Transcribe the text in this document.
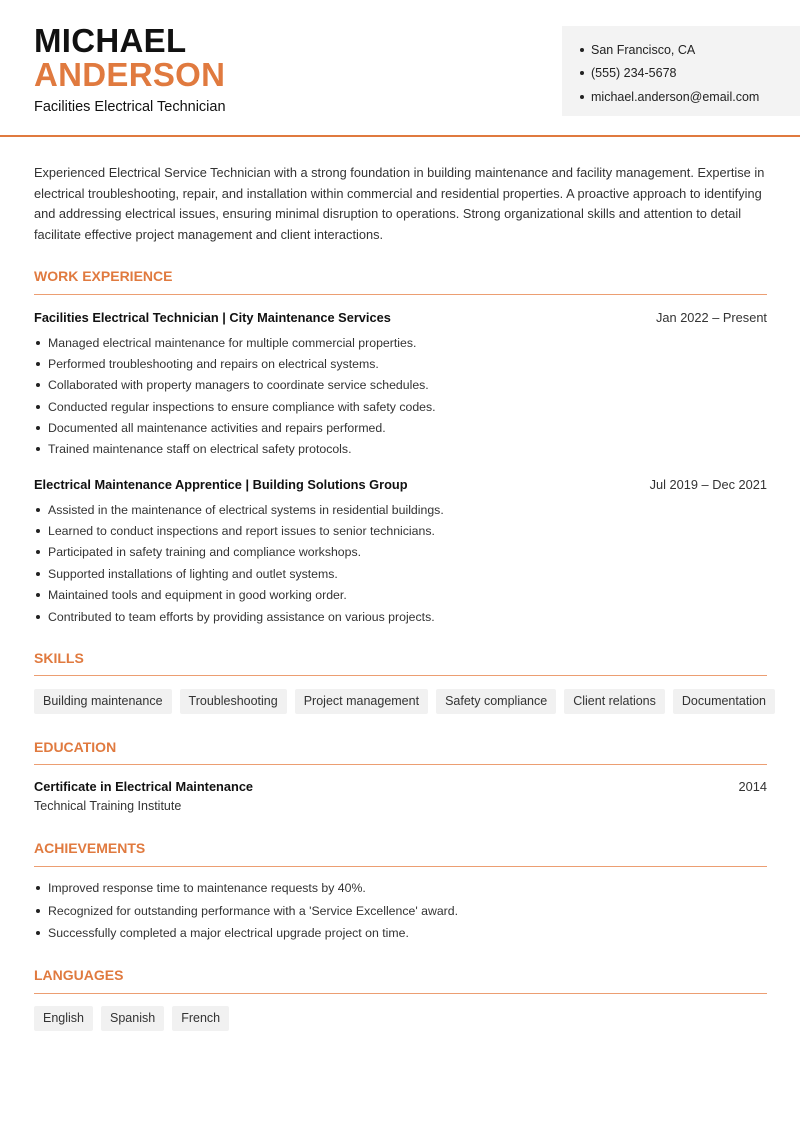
MICHAEL
ANDERSON
Facilities Electrical Technician
San Francisco, CA
(555) 234-5678
michael.anderson@email.com

Experienced Electrical Service Technician with a strong foundation in building maintenance and facility management. Expertise in electrical troubleshooting, repair, and installation within commercial and residential properties. A proactive approach to identifying and addressing electrical issues, ensuring minimal disruption to operations. Strong organizational skills and attention to detail facilitate effective project management and client interactions.

WORK EXPERIENCE
Facilities Electrical Technician | City Maintenance Services	Jan 2022 – Present
Managed electrical maintenance for multiple commercial properties.
Performed troubleshooting and repairs on electrical systems.
Collaborated with property managers to coordinate service schedules.
Conducted regular inspections to ensure compliance with safety codes.
Documented all maintenance activities and repairs performed.
Trained maintenance staff on electrical safety protocols.
Electrical Maintenance Apprentice | Building Solutions Group	Jul 2019 – Dec 2021
Assisted in the maintenance of electrical systems in residential buildings.
Learned to conduct inspections and report issues to senior technicians.
Participated in safety training and compliance workshops.
Supported installations of lighting and outlet systems.
Maintained tools and equipment in good working order.
Contributed to team efforts by providing assistance on various projects.
SKILLS
Building maintenance	Troubleshooting	Project management	Safety compliance	Client relations	Documentation
EDUCATION
Certificate in Electrical Maintenance	2014
Technical Training Institute
ACHIEVEMENTS
Improved response time to maintenance requests by 40%.
Recognized for outstanding performance with a 'Service Excellence' award.
Successfully completed a major electrical upgrade project on time.
LANGUAGES
English	Spanish	French
